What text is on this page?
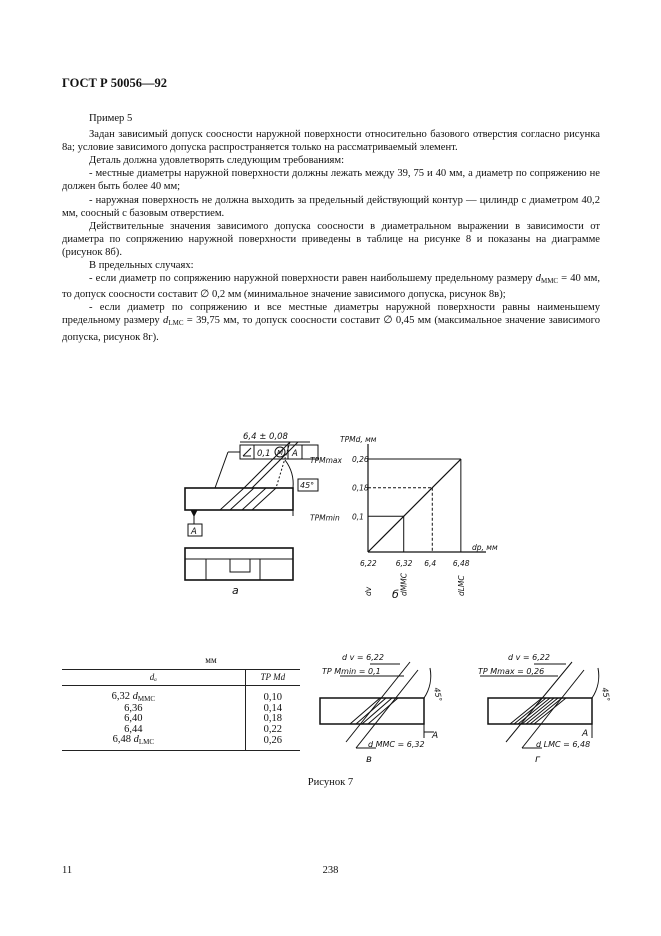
ГОСТ Р 50056—92

Пример 5

Задан зависимый допуск соосности наружной поверхности относительно базового отверстия согласно рисунка 8а; условие зависимого допуска распространяется только на рассматриваемый элемент.

Деталь должна удовлетворять следующим требованиям:

- местные диаметры наружной поверхности должны лежать между 39, 75 и 40 мм, а диаметр по сопряжению не должен быть более 40 мм;

- наружная поверхность не должна выходить за предельный действующий контур — цилиндр с диаметром 40,2 мм, соосный с базовым отверстием.

Действительные значения зависимого допуска соосности в диаметральном выражении в зависимости от диаметра по сопряжению наружной поверхности приведены в таблице на рисунке 8 и показаны на диаграмме (рисунок 8б).

В предельных случаях:

- если диаметр по сопряжению наружной поверхности равен наибольшему предельному размеру $d_{MMC} = 40$ мм, то допуск соосности составит ∅ 0,2 мм (минимальное значение зависимого допуска, рисунок 8в);

- если диаметр по сопряжению и все местные диаметры наружной поверхности равны наименьшему предельному размеру $d_{LMC} = 39,75$ мм, то допуск соосности составит ∅ 0,45 мм (максимальное значение зависимого допуска, рисунок 8г).

6,4 ± 0,08
0,1 M A
45°
A
а
TPMd, мм
dp, мм
0,26
TPMmax
0,18
0,1
TPMmin
6,22	6,32 6,4 6,48
dv	dMMC	dLMC
б
мм
dₐ	TP Md
6,32 $d_{MMC}$	0,10
6,36	0,14
6,40	0,18
6,44	0,22
6,48 $d_{LMC}$	0,26
d v = 6,22
TP Mmin = 0,1
d MMC = 6,32
45°
A
в
d v = 6,22
TP Mmax = 0,26
d LMC = 6,48
45°
A
г
Рисунок 7
11	238
